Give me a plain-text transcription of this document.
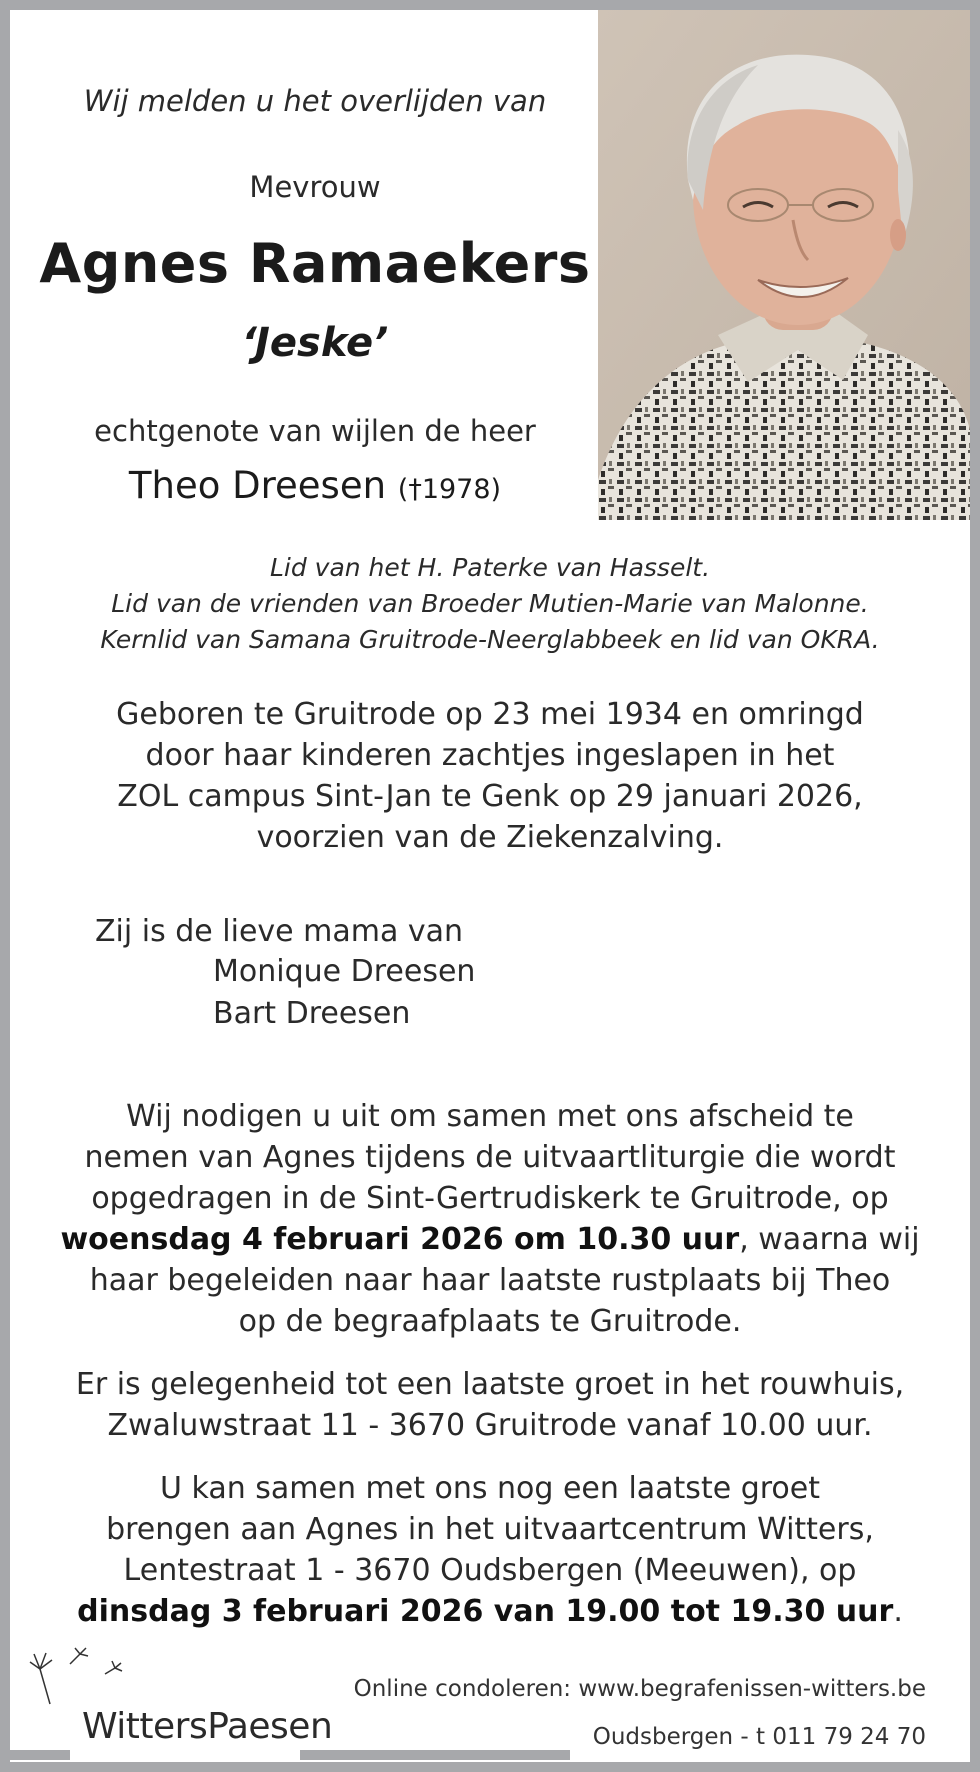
Wij melden u het overlijden van
Mevrouw
Agnes Ramaekers
‘Jeske’
echtgenote van wijlen de heer
Theo Dreesen (†1978)
Lid van het H. Paterke van Hasselt.
Lid van de vrienden van Broeder Mutien-Marie van Malonne.
Kernlid van Samana Gruitrode-Neerglabbeek en lid van OKRA.
Geboren te Gruitrode op 23 mei 1934 en omringd
door haar kinderen zachtjes ingeslapen in het
ZOL campus Sint-Jan te Genk op 29 januari 2026,
voorzien van de Ziekenzalving.
Zij is de lieve mama van
Monique Dreesen
Bart Dreesen
Wij nodigen u uit om samen met ons afscheid te
nemen van Agnes tijdens de uitvaartliturgie die wordt
opgedragen in de Sint-Gertrudiskerk te Gruitrode, op
woensdag 4 februari 2026 om 10.30 uur, waarna wij
haar begeleiden naar haar laatste rustplaats bij Theo
op de begraafplaats te Gruitrode.
Er is gelegenheid tot een laatste groet in het rouwhuis,
Zwaluwstraat 11 - 3670 Gruitrode vanaf 10.00 uur.
U kan samen met ons nog een laatste groet
brengen aan Agnes in het uitvaartcentrum Witters,
Lentestraat 1 - 3670 Oudsbergen (Meeuwen), op
dinsdag 3 februari 2026 van 19.00 tot 19.30 uur.
WittersPaesen
Online condoleren: www.begrafenissen-witters.be
Oudsbergen - t 011 79 24 70
